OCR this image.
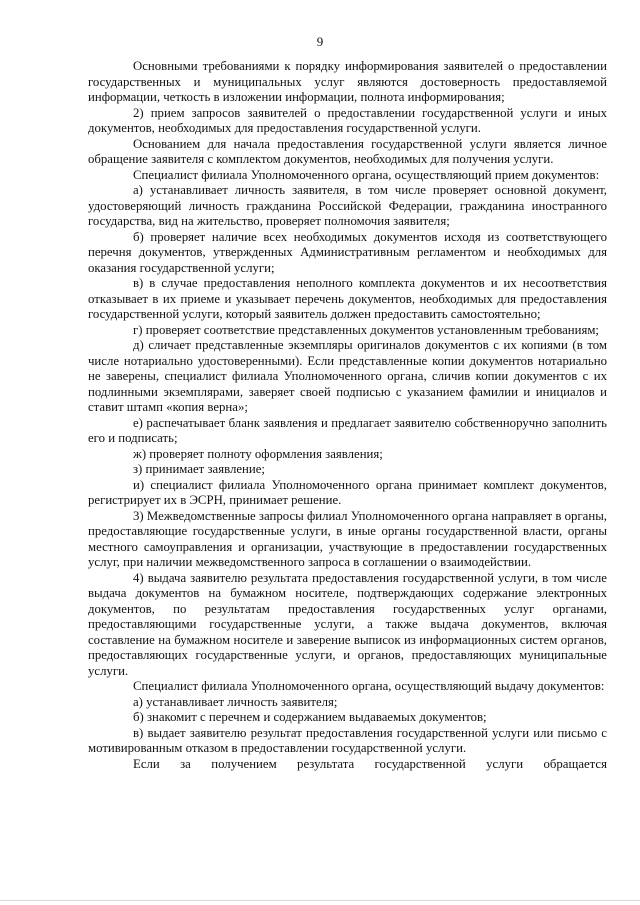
9

Основными требованиями к порядку информирования заявителей о предоставлении государственных и муниципальных услуг являются достоверность предоставляемой информации, четкость в изложении информации, полнота информирования;

2) прием запросов заявителей о предоставлении государственной услуги и иных документов, необходимых для предоставления государственной услуги.

Основанием для начала предоставления государственной услуги является личное обращение заявителя с комплектом документов, необходимых для получения услуги.

Специалист филиала Уполномоченного органа, осуществляющий прием документов:

а) устанавливает личность заявителя, в том числе проверяет основной документ, удостоверяющий личность гражданина Российской Федерации, гражданина иностранного государства, вид на жительство, проверяет полномочия заявителя;

б) проверяет наличие всех необходимых документов исходя из соответствующего перечня документов, утвержденных Административным регламентом и необходимых для оказания государственной услуги;

в) в случае предоставления неполного комплекта документов и их несоответствия отказывает в их приеме и указывает перечень документов, необходимых для предоставления государственной услуги, который заявитель должен предоставить самостоятельно;

г) проверяет соответствие представленных документов установленным требованиям;

д) сличает представленные экземпляры оригиналов документов с их копиями (в том числе нотариально удостоверенными). Если представленные копии документов нотариально не заверены, специалист филиала Уполномоченного органа, сличив копии документов с их подлинными экземплярами, заверяет своей подписью с указанием фамилии и инициалов и ставит штамп «копия верна»;

е) распечатывает бланк заявления и предлагает заявителю собственноручно заполнить его и подписать;

ж) проверяет полноту оформления заявления;

з) принимает заявление;

и) специалист филиала Уполномоченного органа принимает комплект документов, регистрирует их в ЭСРН, принимает решение.

3) Межведомственные запросы филиал Уполномоченного органа направляет в органы, предоставляющие государственные услуги, в иные органы государственной власти, органы местного самоуправления и организации, участвующие в предоставлении государственных услуг, при наличии межведомственного запроса в соглашении о взаимодействии.

4) выдача заявителю результата предоставления государственной услуги, в том числе выдача документов на бумажном носителе, подтверждающих содержание электронных документов, по результатам предоставления государственных услуг органами, предоставляющими государственные услуги, а также выдача документов, включая составление на бумажном носителе и заверение выписок из информационных систем органов, предоставляющих государственные услуги, и органов, предоставляющих муниципальные услуги.

Специалист филиала Уполномоченного органа, осуществляющий выдачу документов:

а) устанавливает личность заявителя;

б) знакомит с перечнем и содержанием выдаваемых документов;

в) выдает заявителю результат предоставления государственной услуги или письмо с мотивированным отказом в предоставлении государственной услуги.

Если за получением результата государственной услуги обращается
